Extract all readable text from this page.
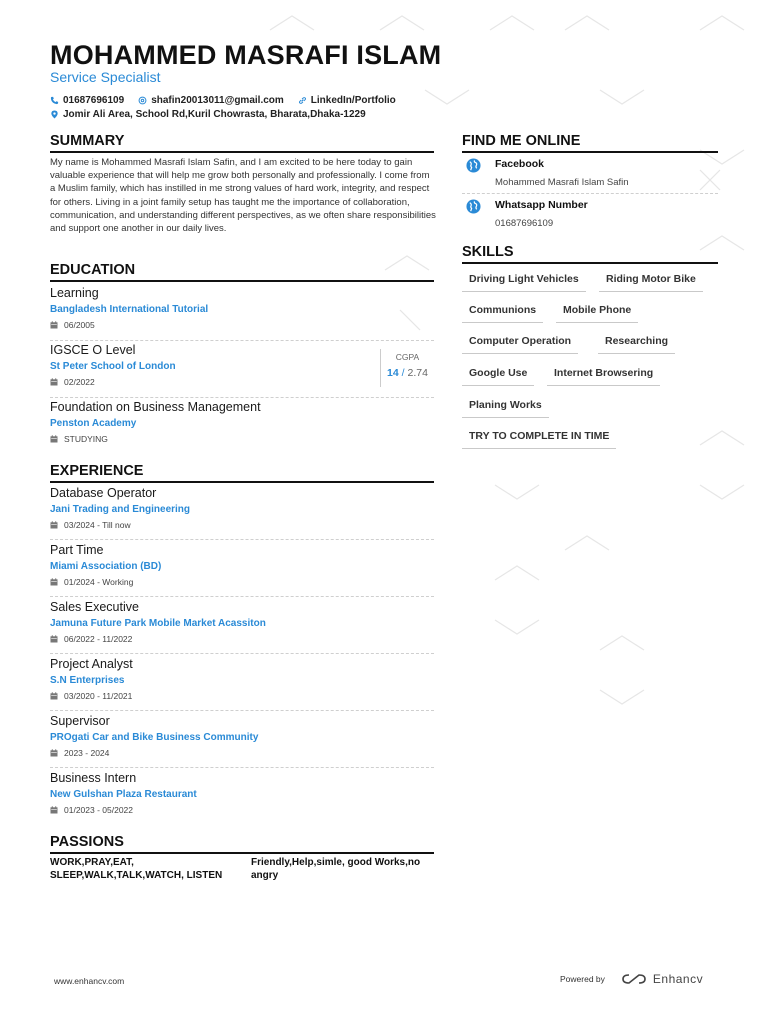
MOHAMMED MASRAFI ISLAM
Service Specialist
01687696109	shafin20013011@gmail.com	LinkedIn/Portfolio
Jomir Ali Area, School Rd,Kuril Chowrasta, Bharata,Dhaka-1229
SUMMARY
My name is Mohammed Masrafi Islam Safin, and I am excited to be here today to gain valuable experience that will help me grow both personally and professionally. I come from a Muslim family, which has instilled in me strong values of hard work, integrity, and respect for others. Living in a joint family setup has taught me the importance of collaboration, communication, and understanding different perspectives, as we often share responsibilities and support one another in our daily lives.
EDUCATION
Learning
Bangladesh International Tutorial
06/2005
IGSCE O Level
St Peter School of London
02/2022
CGPA
14 / 2.74
Foundation on Business Management
Penston Academy
STUDYING
EXPERIENCE
Database Operator
Jani Trading and Engineering
03/2024 - Till now
Part Time
Miami Association (BD)
01/2024 - Working
Sales Executive
Jamuna Future Park Mobile Market Acassiton
06/2022 - 11/2022
Project Analyst
S.N Enterprises
03/2020 - 11/2021
Supervisor
PROgati Car and Bike Business Community
2023 - 2024
Business Intern
New Gulshan Plaza Restaurant
01/2023 - 05/2022
PASSIONS
WORK,PRAY,EAT,
SLEEP,WALK,TALK,WATCH, LISTEN
Friendly,Help,simle, good Works,no
angry
FIND ME ONLINE
Facebook
Mohammed Masrafi Islam Safin
Whatsapp Number
01687696109
SKILLS
Driving Light Vehicles	Riding Motor Bike
Communions	Mobile Phone
Computer Operation	Researching
Google Use	Internet Browsering
Planing Works
TRY TO COMPLETE IN TIME
www.enhancv.com	Powered by	Enhancv
